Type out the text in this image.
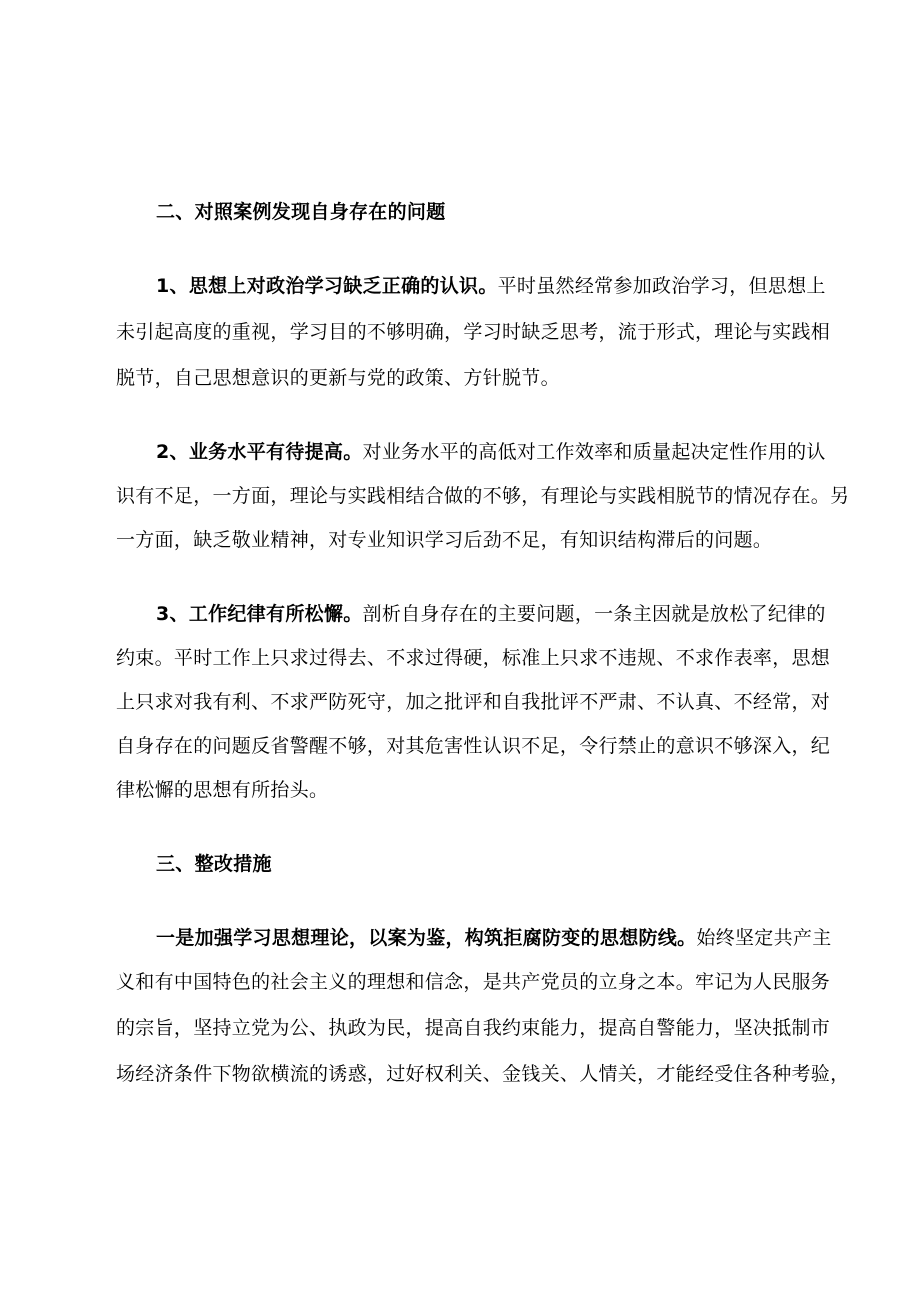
二、对照案例发现自身存在的问题
1、思想上对政治学习缺乏正确的认识。平时虽然经常参加政治学习，但思想上
未引起高度的重视，学习目的不够明确，学习时缺乏思考，流于形式，理论与实践相
脱节，自己思想意识的更新与党的政策、方针脱节。
2、业务水平有待提高。对业务水平的高低对工作效率和质量起决定性作用的认
识有不足，一方面，理论与实践相结合做的不够，有理论与实践相脱节的情况存在。另
一方面，缺乏敬业精神，对专业知识学习后劲不足，有知识结构滞后的问题。
3、工作纪律有所松懈。剖析自身存在的主要问题，一条主因就是放松了纪律的
约束。平时工作上只求过得去、不求过得硬，标准上只求不违规、不求作表率，思想
上只求对我有利、不求严防死守，加之批评和自我批评不严肃、不认真、不经常，对
自身存在的问题反省警醒不够，对其危害性认识不足，令行禁止的意识不够深入，纪
律松懈的思想有所抬头。
三、整改措施
一是加强学习思想理论，以案为鉴，构筑拒腐防变的思想防线。始终坚定共产主
义和有中国特色的社会主义的理想和信念，是共产党员的立身之本。牢记为人民服务
的宗旨，坚持立党为公、执政为民，提高自我约束能力，提高自警能力，坚决抵制市
场经济条件下物欲横流的诱惑，过好权利关、金钱关、人情关，才能经受住各种考验，
